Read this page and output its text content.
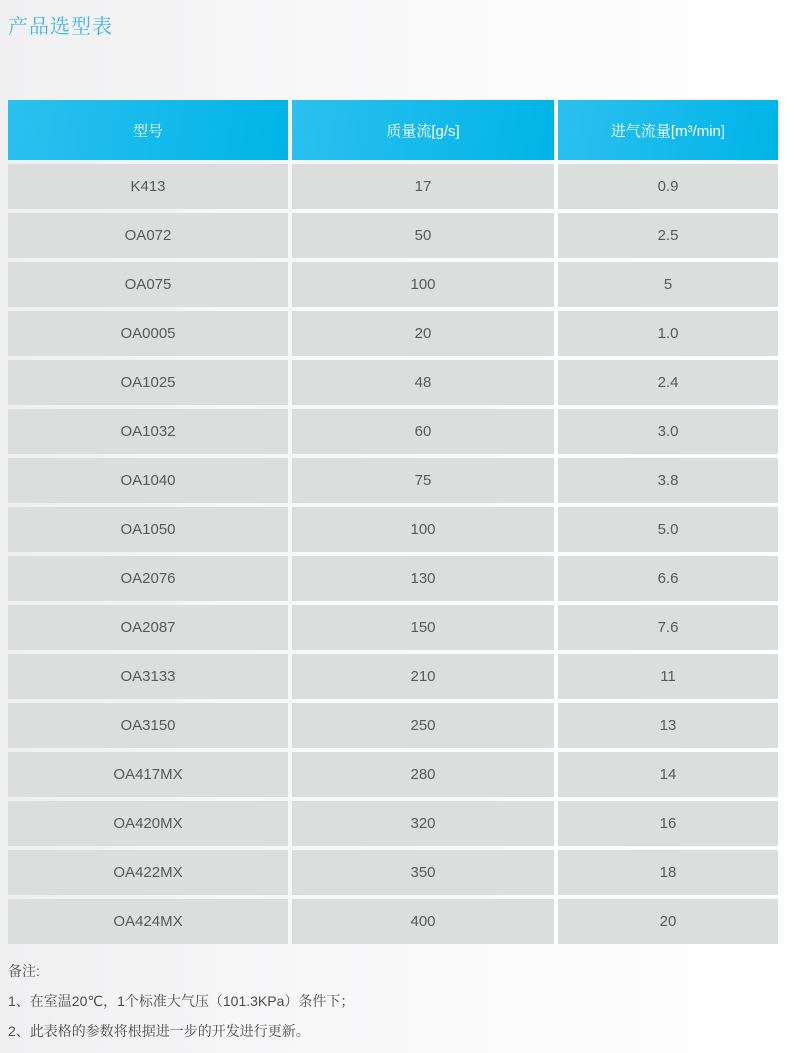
产品选型表
型号	质量流[g/s]	进气流量[m³/min]
K413	17	0.9
OA072	50	2.5
OA075	100	5
OA0005	20	1.0
OA1025	48	2.4
OA1032	60	3.0
OA1040	75	3.8
OA1050	100	5.0
OA2076	130	6.6
OA2087	150	7.6
OA3133	210	11
OA3150	250	13
OA417MX	280	14
OA420MX	320	16
OA422MX	350	18
OA424MX	400	20

备注:

1、在室温20℃，1个标准大气压（101.3KPa）条件下；

2、此表格的参数将根据进一步的开发进行更新。
